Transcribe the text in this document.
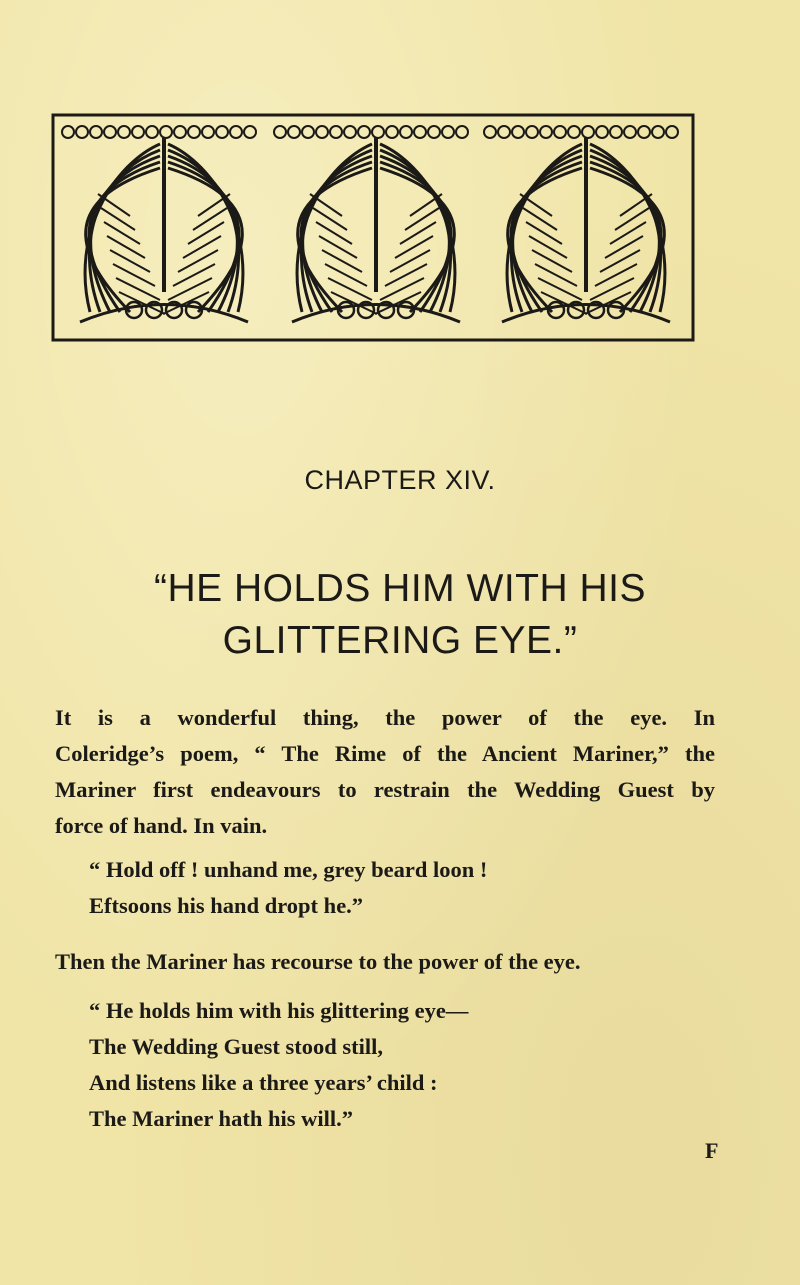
CHAPTER XIV.
“HE HOLDS HIM WITH HIS
GLITTERING EYE.”
It is a wonderful thing, the power of the eye. In
Coleridge’s poem, “ The Rime of the Ancient Mariner,” the
Mariner first endeavours to restrain the Wedding Guest by
force of hand. In vain.
“ Hold off ! unhand me, grey beard loon !
Eftsoons his hand dropt he.”
Then the Mariner has recourse to the power of the eye.
“ He holds him with his glittering eye—
The Wedding Guest stood still,
And listens like a three years’ child :
The Mariner hath his will.”
F
